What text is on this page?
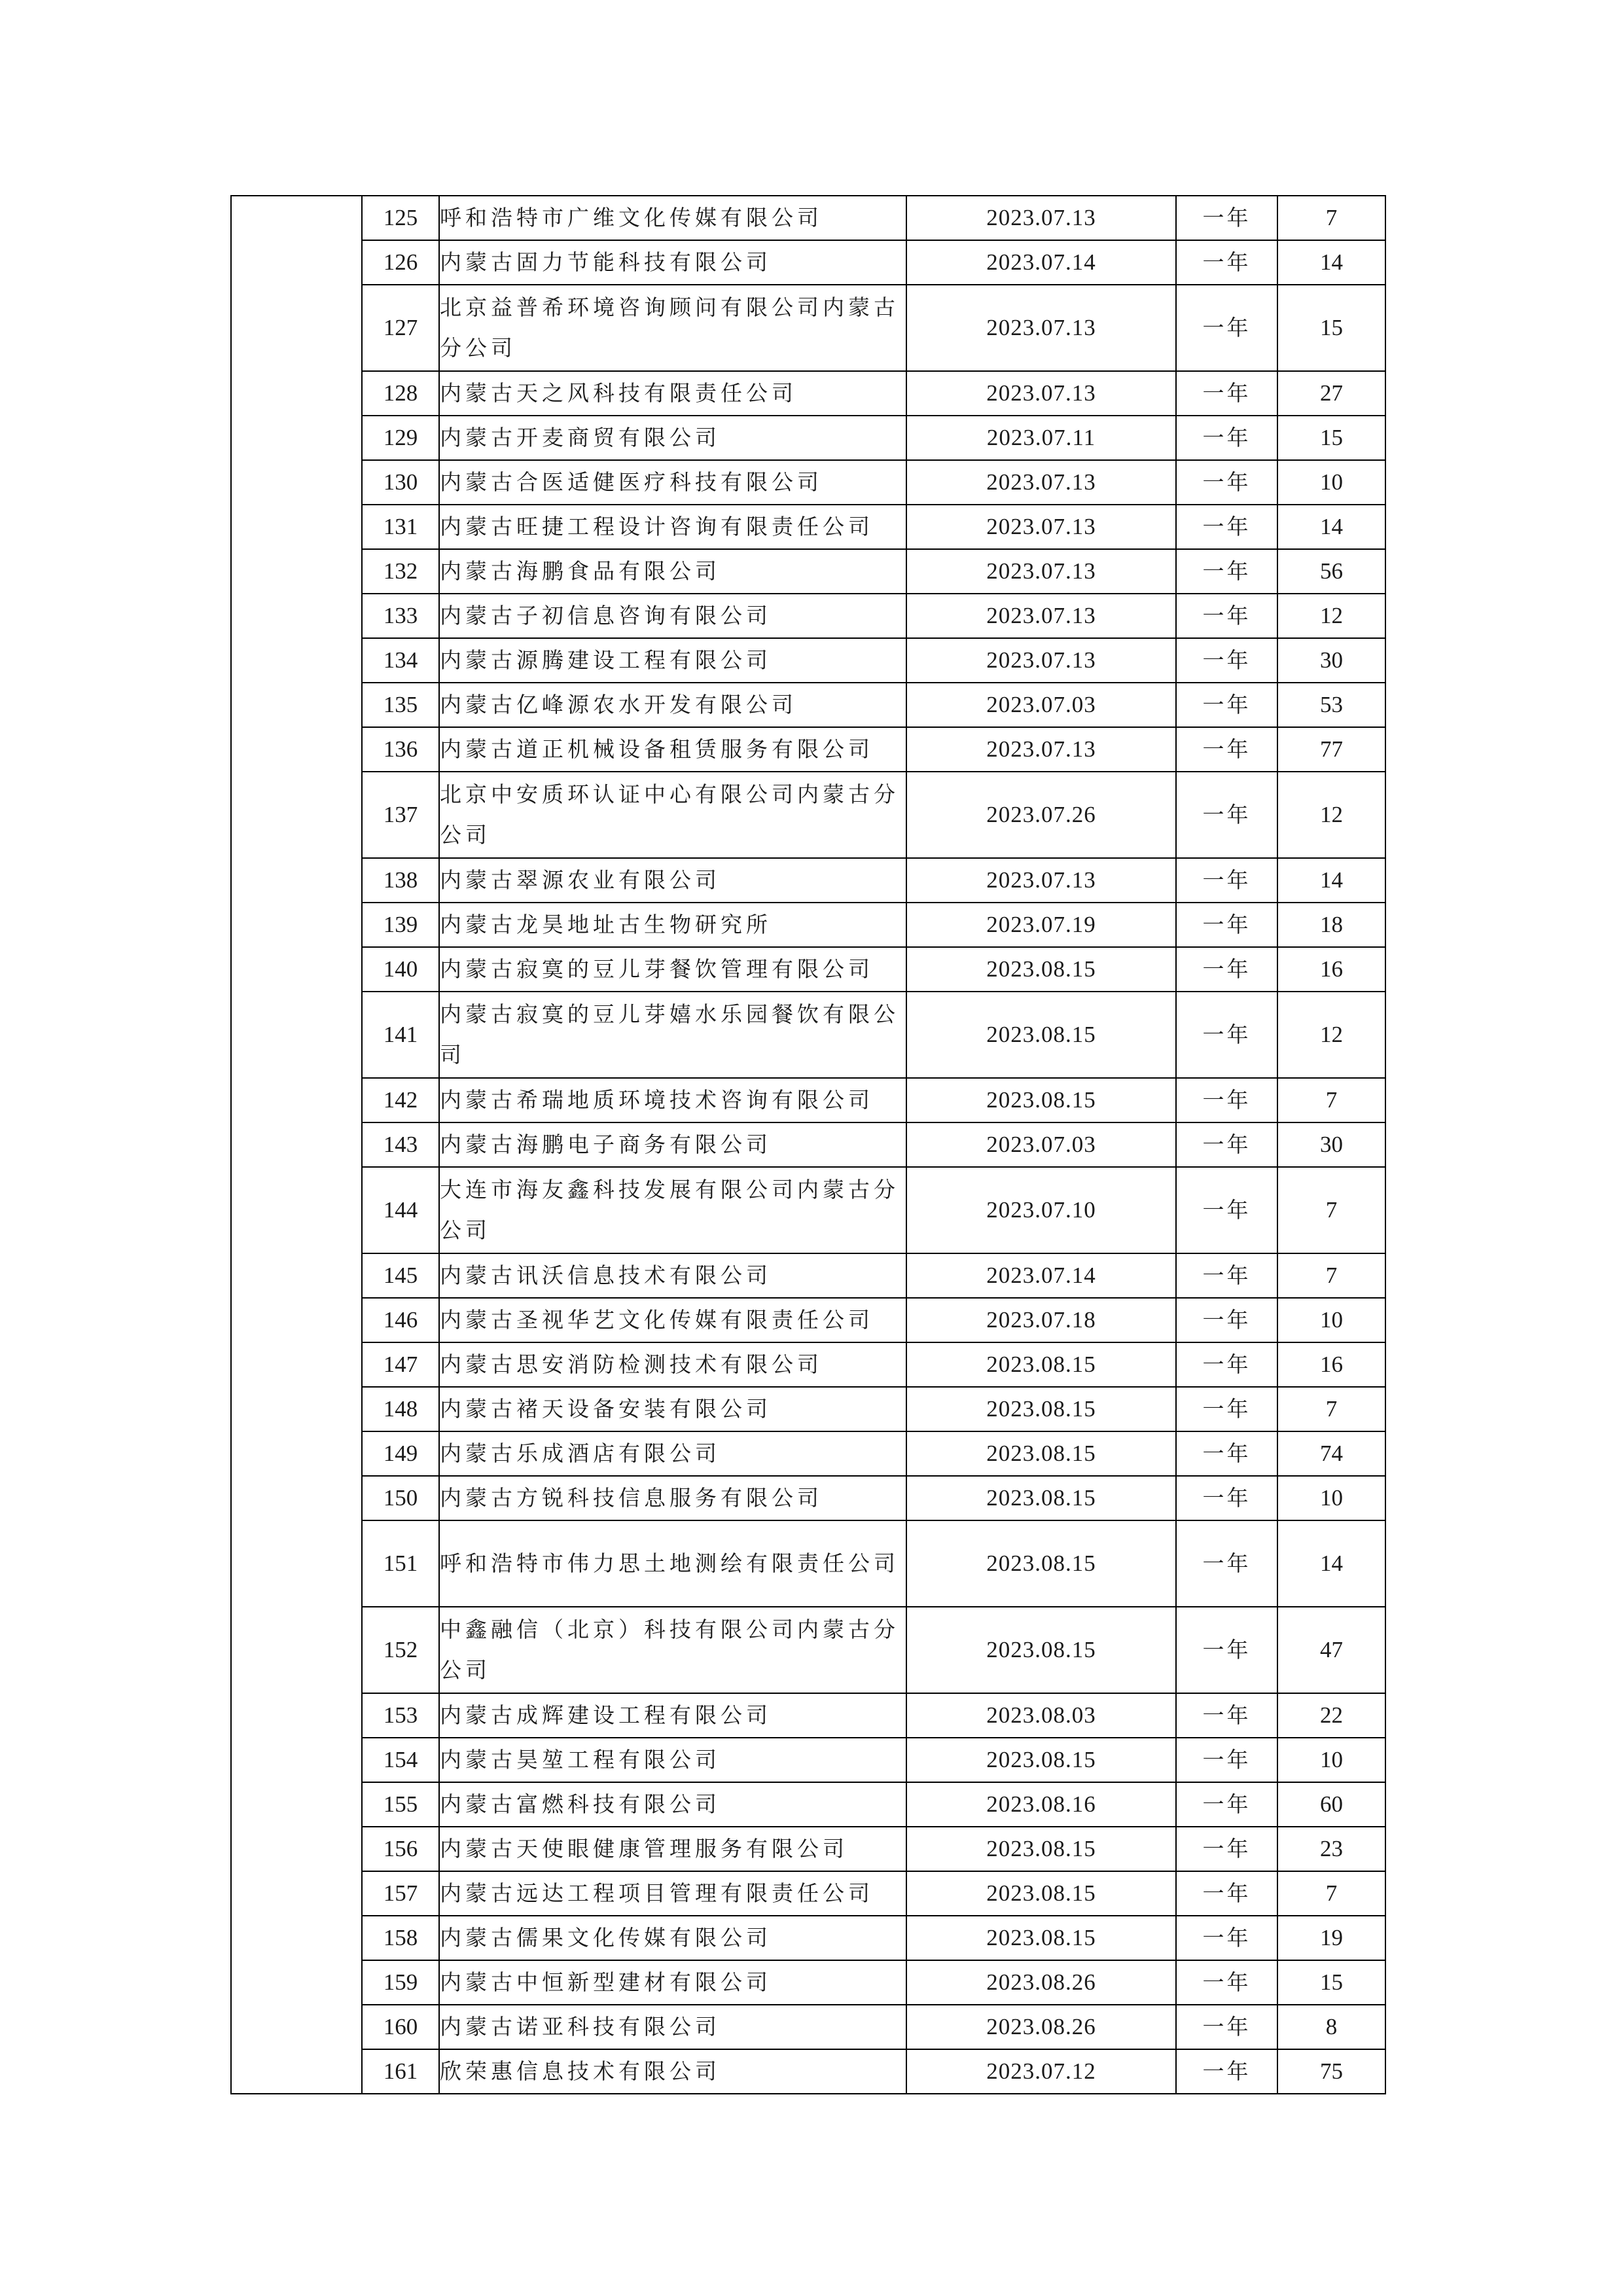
	125	呼和浩特市广维文化传媒有限公司	2023.07.13	一年	7
	126	内蒙古固力节能科技有限公司	2023.07.14	一年	14
	127	北京益普希环境咨询顾问有限公司内蒙古分公司	2023.07.13	一年	15
	128	内蒙古天之风科技有限责任公司	2023.07.13	一年	27
	129	内蒙古开麦商贸有限公司	2023.07.11	一年	15
	130	内蒙古合医适健医疗科技有限公司	2023.07.13	一年	10
	131	内蒙古旺捷工程设计咨询有限责任公司	2023.07.13	一年	14
	132	内蒙古海鹏食品有限公司	2023.07.13	一年	56
	133	内蒙古子初信息咨询有限公司	2023.07.13	一年	12
	134	内蒙古源腾建设工程有限公司	2023.07.13	一年	30
	135	内蒙古亿峰源农水开发有限公司	2023.07.03	一年	53
	136	内蒙古道正机械设备租赁服务有限公司	2023.07.13	一年	77
	137	北京中安质环认证中心有限公司内蒙古分公司	2023.07.26	一年	12
	138	内蒙古翠源农业有限公司	2023.07.13	一年	14
	139	内蒙古龙昊地址古生物研究所	2023.07.19	一年	18
	140	内蒙古寂寞的豆儿芽餐饮管理有限公司	2023.08.15	一年	16
	141	内蒙古寂寞的豆儿芽嬉水乐园餐饮有限公司	2023.08.15	一年	12
	142	内蒙古希瑞地质环境技术咨询有限公司	2023.08.15	一年	7
	143	内蒙古海鹏电子商务有限公司	2023.07.03	一年	30
	144	大连市海友鑫科技发展有限公司内蒙古分公司	2023.07.10	一年	7
	145	内蒙古讯沃信息技术有限公司	2023.07.14	一年	7
	146	内蒙古圣视华艺文化传媒有限责任公司	2023.07.18	一年	10
	147	内蒙古思安消防检测技术有限公司	2023.08.15	一年	16
	148	内蒙古褚天设备安装有限公司	2023.08.15	一年	7
	149	内蒙古乐成酒店有限公司	2023.08.15	一年	74
	150	内蒙古方锐科技信息服务有限公司	2023.08.15	一年	10
	151	呼和浩特市伟力思土地测绘有限责任公司	2023.08.15	一年	14
	152	中鑫融信（北京）科技有限公司内蒙古分公司	2023.08.15	一年	47
	153	内蒙古成辉建设工程有限公司	2023.08.03	一年	22
	154	内蒙古昊堃工程有限公司	2023.08.15	一年	10
	155	内蒙古富燃科技有限公司	2023.08.16	一年	60
	156	内蒙古天使眼健康管理服务有限公司	2023.08.15	一年	23
	157	内蒙古远达工程项目管理有限责任公司	2023.08.15	一年	7
	158	内蒙古儒果文化传媒有限公司	2023.08.15	一年	19
	159	内蒙古中恒新型建材有限公司	2023.08.26	一年	15
	160	内蒙古诺亚科技有限公司	2023.08.26	一年	8
	161	欣荣惠信息技术有限公司	2023.07.12	一年	75
